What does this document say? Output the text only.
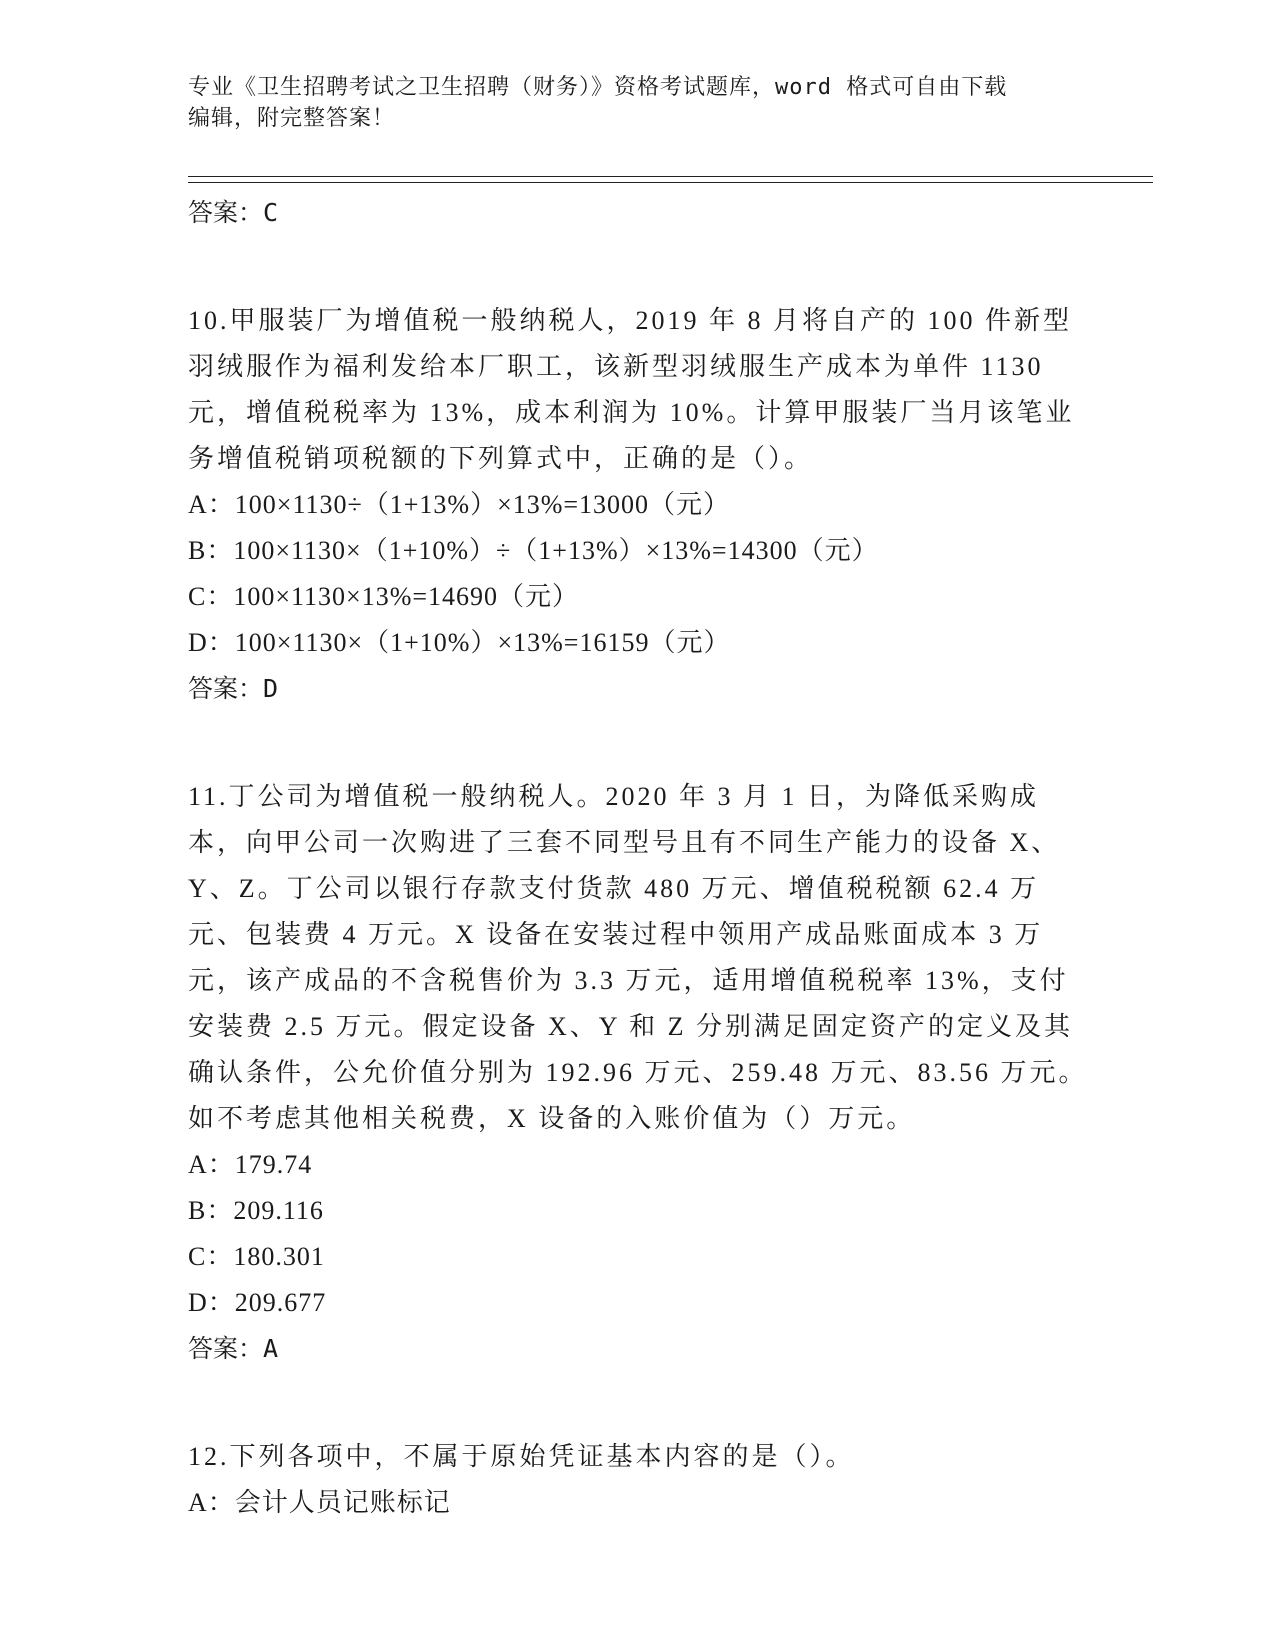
专业《卫生招聘考试之卫生招聘（财务）》资格考试题库，word 格式可自由下载
编辑，附完整答案！
答案：C
10.甲服装厂为增值税一般纳税人，2019 年 8 月将自产的 100 件新型羽绒服作为福利发给本厂职工，该新型羽绒服生产成本为单件 1130 元，增值税税率为 13%，成本利润为 10%。计算甲服装厂当月该笔业务增值税销项税额的下列算式中，正确的是（）。
A：100×1130÷（1+13%）×13%=13000（元）
B：100×1130×（1+10%）÷（1+13%）×13%=14300（元）
C：100×1130×13%=14690（元）
D：100×1130×（1+10%）×13%=16159（元）
答案：D
11.丁公司为增值税一般纳税人。2020 年 3 月 1 日，为降低采购成本，向甲公司一次购进了三套不同型号且有不同生产能力的设备 X、Y、Z。丁公司以银行存款支付货款 480 万元、增值税税额 62.4 万元、包装费 4 万元。X 设备在安装过程中领用产成品账面成本 3 万元，该产成品的不含税售价为 3.3 万元，适用增值税税率 13%，支付安装费 2.5 万元。假定设备 X、Y 和 Z 分别满足固定资产的定义及其确认条件，公允价值分别为 192.96 万元、259.48 万元、83.56 万元。如不考虑其他相关税费，X 设备的入账价值为（）万元。
A：179.74
B：209.116
C：180.301
D：209.677
答案：A
12.下列各项中，不属于原始凭证基本内容的是（）。
A：会计人员记账标记
